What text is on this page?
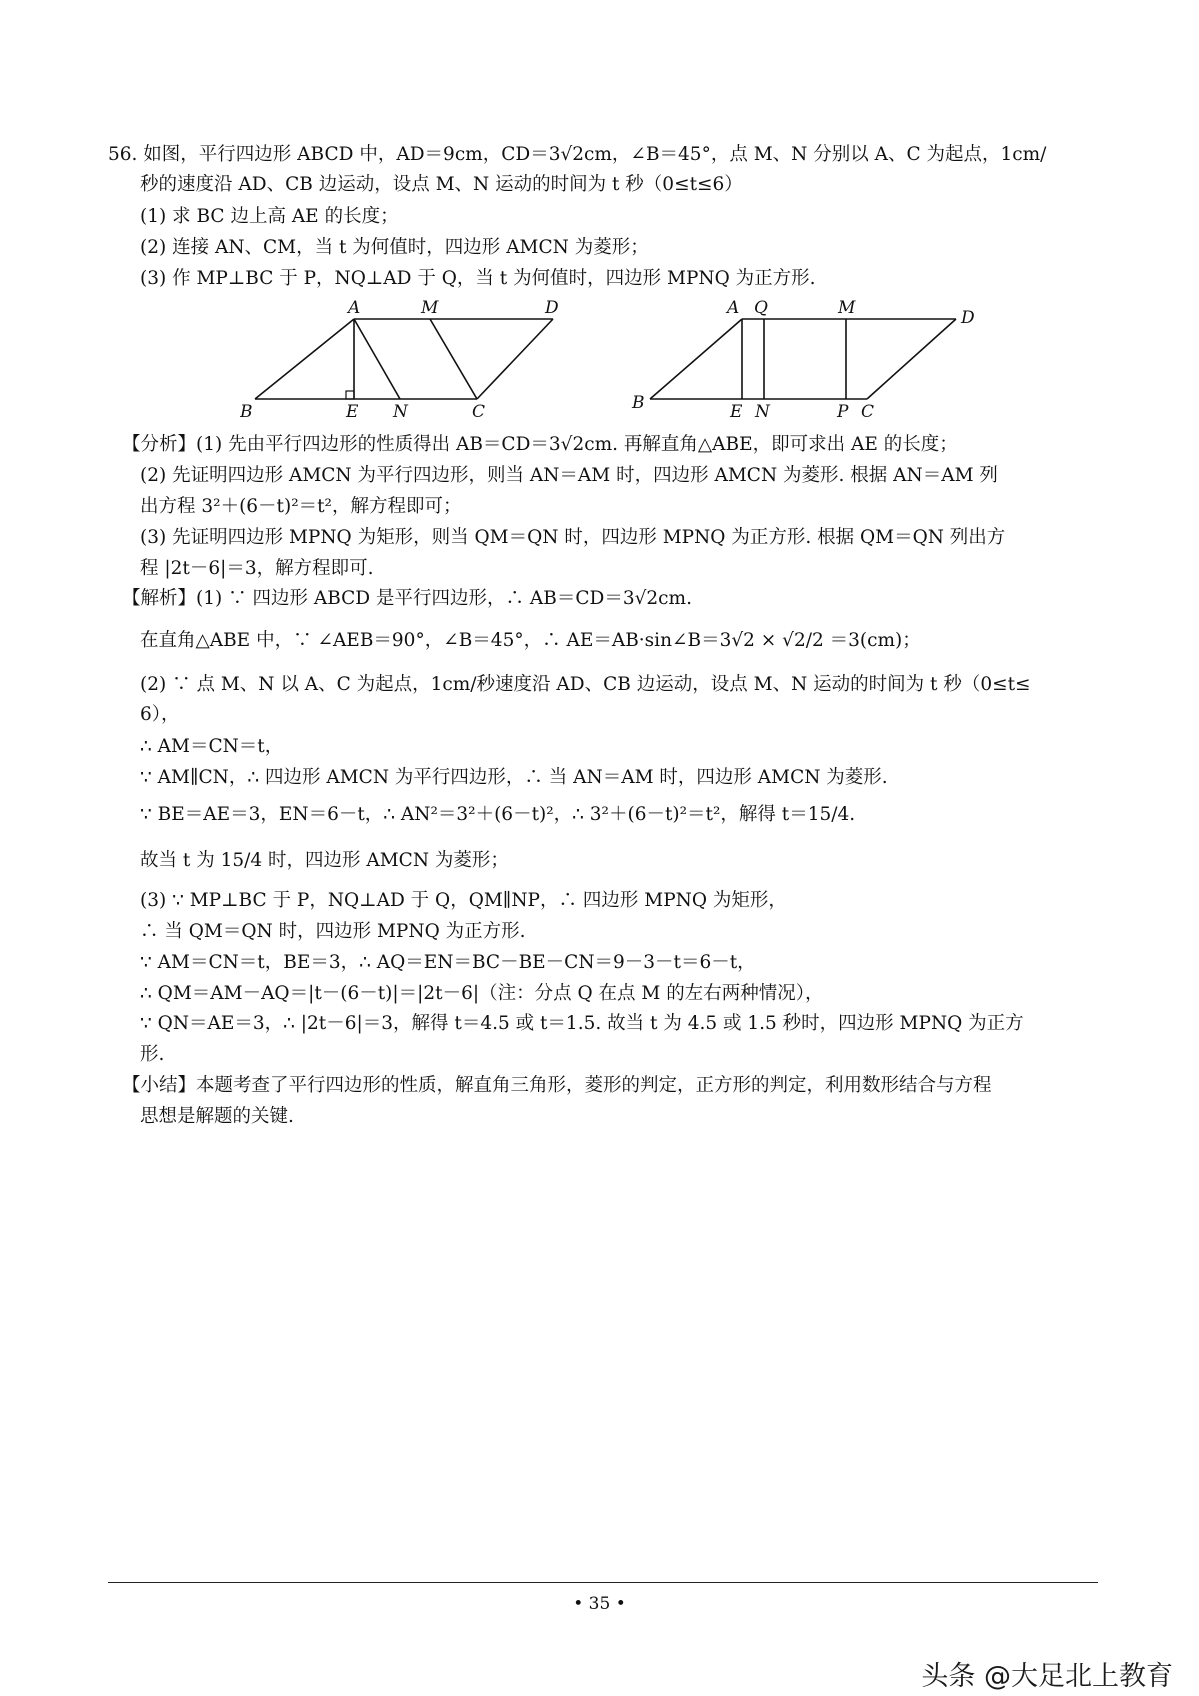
56. 如图，平行四边形 ABCD 中，AD＝9cm，CD＝3√2cm，∠B＝45°，点 M、N 分别以 A、C 为起点，1cm/
秒的速度沿 AD、CB 边运动，设点 M、N 运动的时间为 t 秒（0≤t≤6）
(1) 求 BC 边上高 AE 的长度；
(2) 连接 AN、CM，当 t 为何值时，四边形 AMCN 为菱形；
(3) 作 MP⊥BC 于 P，NQ⊥AD 于 Q，当 t 为何值时，四边形 MPNQ 为正方形.
A	M	D
B	E N	C
A Q	M	D
B	E N	P C
【分析】(1) 先由平行四边形的性质得出 AB＝CD＝3√2cm. 再解直角△ABE，即可求出 AE 的长度；
(2) 先证明四边形 AMCN 为平行四边形，则当 AN＝AM 时，四边形 AMCN 为菱形. 根据 AN＝AM 列
出方程 3²＋(6－t)²＝t²，解方程即可；
(3) 先证明四边形 MPNQ 为矩形，则当 QM＝QN 时，四边形 MPNQ 为正方形. 根据 QM＝QN 列出方
程 |2t－6|＝3，解方程即可.
【解析】(1) ∵ 四边形 ABCD 是平行四边形，∴ AB＝CD＝3√2cm.
在直角△ABE 中，∵ ∠AEB＝90°，∠B＝45°，∴ AE＝AB·sin∠B＝3√2 × √2/2 ＝3(cm)；
(2) ∵ 点 M、N 以 A、C 为起点，1cm/秒速度沿 AD、CB 边运动，设点 M、N 运动的时间为 t 秒（0≤t≤
6），
∴ AM＝CN＝t，
∵ AM∥CN，∴ 四边形 AMCN 为平行四边形，∴ 当 AN＝AM 时，四边形 AMCN 为菱形.
∵ BE＝AE＝3，EN＝6－t，∴ AN²＝3²＋(6－t)²，∴ 3²＋(6－t)²＝t²，解得 t＝15/4.
故当 t 为 15/4 时，四边形 AMCN 为菱形；
(3) ∵ MP⊥BC 于 P，NQ⊥AD 于 Q，QM∥NP，∴ 四边形 MPNQ 为矩形，
∴ 当 QM＝QN 时，四边形 MPNQ 为正方形.
∵ AM＝CN＝t，BE＝3，∴ AQ＝EN＝BC－BE－CN＝9－3－t＝6－t，
∴ QM＝AM－AQ＝|t－(6－t)|＝|2t－6|（注：分点 Q 在点 M 的左右两种情况），
∵ QN＝AE＝3，∴ |2t－6|＝3，解得 t＝4.5 或 t＝1.5. 故当 t 为 4.5 或 1.5 秒时，四边形 MPNQ 为正方
形.
【小结】本题考查了平行四边形的性质，解直角三角形，菱形的判定，正方形的判定，利用数形结合与方程
思想是解题的关键.
• 35 •
头条 @大足北上教育
